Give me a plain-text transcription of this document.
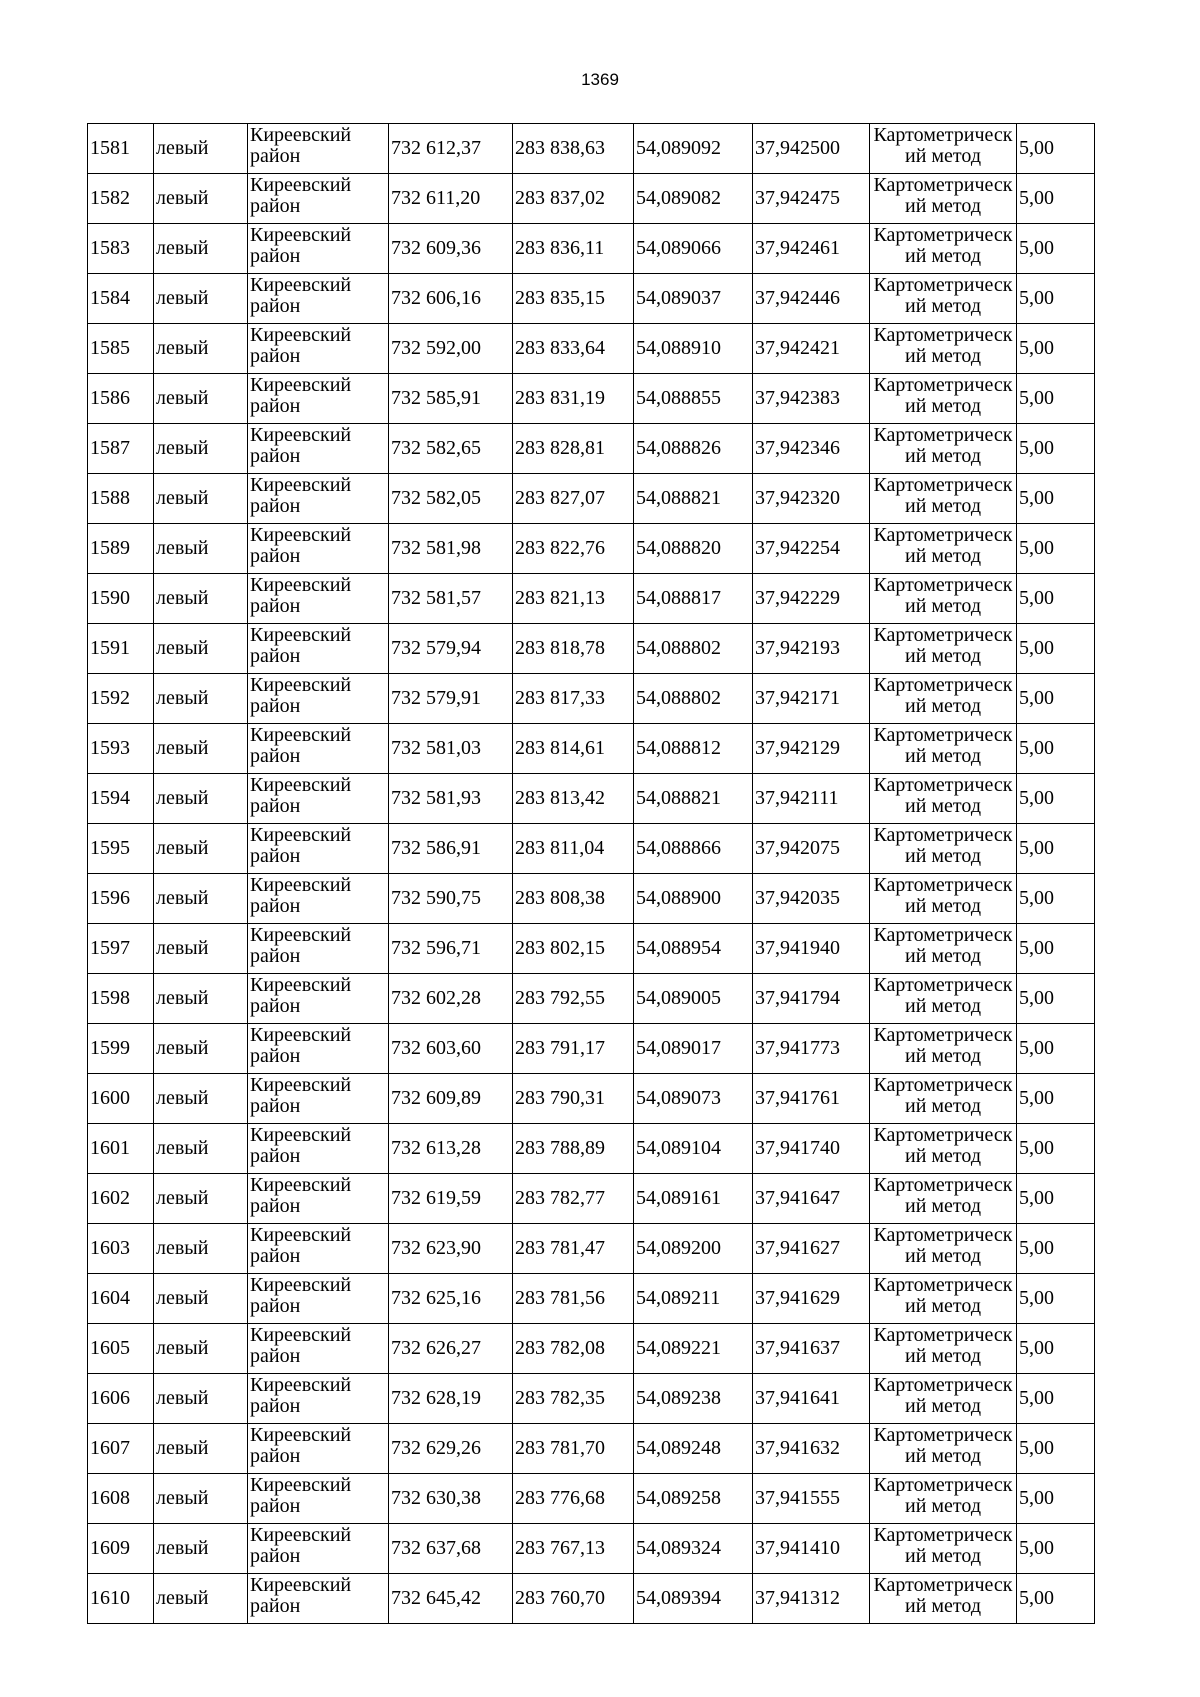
1369
1581	левый	Киреевский район	732 612,37	283 838,63	54,089092	37,942500	Картометрическ ий метод	5,00
1582	левый	Киреевский район	732 611,20	283 837,02	54,089082	37,942475	Картометрическ ий метод	5,00
1583	левый	Киреевский район	732 609,36	283 836,11	54,089066	37,942461	Картометрическ ий метод	5,00
1584	левый	Киреевский район	732 606,16	283 835,15	54,089037	37,942446	Картометрическ ий метод	5,00
1585	левый	Киреевский район	732 592,00	283 833,64	54,088910	37,942421	Картометрическ ий метод	5,00
1586	левый	Киреевский район	732 585,91	283 831,19	54,088855	37,942383	Картометрическ ий метод	5,00
1587	левый	Киреевский район	732 582,65	283 828,81	54,088826	37,942346	Картометрическ ий метод	5,00
1588	левый	Киреевский район	732 582,05	283 827,07	54,088821	37,942320	Картометрическ ий метод	5,00
1589	левый	Киреевский район	732 581,98	283 822,76	54,088820	37,942254	Картометрическ ий метод	5,00
1590	левый	Киреевский район	732 581,57	283 821,13	54,088817	37,942229	Картометрическ ий метод	5,00
1591	левый	Киреевский район	732 579,94	283 818,78	54,088802	37,942193	Картометрическ ий метод	5,00
1592	левый	Киреевский район	732 579,91	283 817,33	54,088802	37,942171	Картометрическ ий метод	5,00
1593	левый	Киреевский район	732 581,03	283 814,61	54,088812	37,942129	Картометрическ ий метод	5,00
1594	левый	Киреевский район	732 581,93	283 813,42	54,088821	37,942111	Картометрическ ий метод	5,00
1595	левый	Киреевский район	732 586,91	283 811,04	54,088866	37,942075	Картометрическ ий метод	5,00
1596	левый	Киреевский район	732 590,75	283 808,38	54,088900	37,942035	Картометрическ ий метод	5,00
1597	левый	Киреевский район	732 596,71	283 802,15	54,088954	37,941940	Картометрическ ий метод	5,00
1598	левый	Киреевский район	732 602,28	283 792,55	54,089005	37,941794	Картометрическ ий метод	5,00
1599	левый	Киреевский район	732 603,60	283 791,17	54,089017	37,941773	Картометрическ ий метод	5,00
1600	левый	Киреевский район	732 609,89	283 790,31	54,089073	37,941761	Картометрическ ий метод	5,00
1601	левый	Киреевский район	732 613,28	283 788,89	54,089104	37,941740	Картометрическ ий метод	5,00
1602	левый	Киреевский район	732 619,59	283 782,77	54,089161	37,941647	Картометрическ ий метод	5,00
1603	левый	Киреевский район	732 623,90	283 781,47	54,089200	37,941627	Картометрическ ий метод	5,00
1604	левый	Киреевский район	732 625,16	283 781,56	54,089211	37,941629	Картометрическ ий метод	5,00
1605	левый	Киреевский район	732 626,27	283 782,08	54,089221	37,941637	Картометрическ ий метод	5,00
1606	левый	Киреевский район	732 628,19	283 782,35	54,089238	37,941641	Картометрическ ий метод	5,00
1607	левый	Киреевский район	732 629,26	283 781,70	54,089248	37,941632	Картометрическ ий метод	5,00
1608	левый	Киреевский район	732 630,38	283 776,68	54,089258	37,941555	Картометрическ ий метод	5,00
1609	левый	Киреевский район	732 637,68	283 767,13	54,089324	37,941410	Картометрическ ий метод	5,00
1610	левый	Киреевский район	732 645,42	283 760,70	54,089394	37,941312	Картометрическ ий метод	5,00
